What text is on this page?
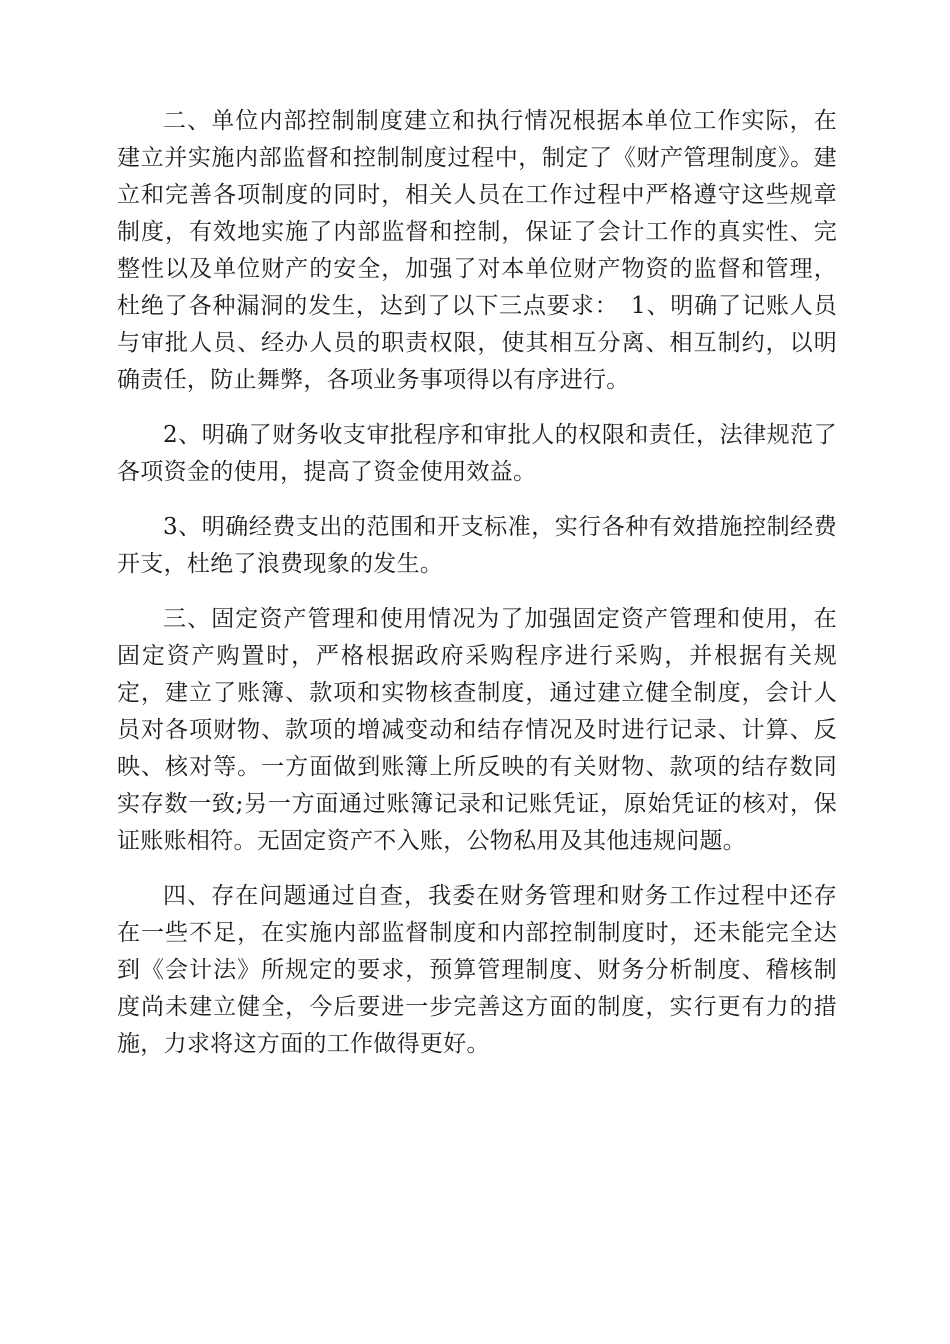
二、单位内部控制制度建立和执行情况根据本单位工作实际，在建立并实施内部监督和控制制度过程中，制定了《财产管理制度》。建立和完善各项制度的同时，相关人员在工作过程中严格遵守这些规章制度，有效地实施了内部监督和控制，保证了会计工作的真实性、完整性以及单位财产的安全，加强了对本单位财产物资的监督和管理，杜绝了各种漏洞的发生，达到了以下三点要求：　1、明确了记账人员与审批人员、经办人员的职责权限，使其相互分离、相互制约，以明确责任，防止舞弊，各项业务事项得以有序进行。

2、明确了财务收支审批程序和审批人的权限和责任，法律规范了各项资金的使用，提高了资金使用效益。

3、明确经费支出的范围和开支标准，实行各种有效措施控制经费开支，杜绝了浪费现象的发生。

三、固定资产管理和使用情况为了加强固定资产管理和使用，在固定资产购置时，严格根据政府采购程序进行采购，并根据有关规定，建立了账簿、款项和实物核查制度，通过建立健全制度，会计人员对各项财物、款项的增减变动和结存情况及时进行记录、计算、反映、核对等。一方面做到账簿上所反映的有关财物、款项的结存数同实存数一致;另一方面通过账簿记录和记账凭证，原始凭证的核对，保证账账相符。无固定资产不入账，公物私用及其他违规问题。

四、存在问题通过自查，我委在财务管理和财务工作过程中还存在一些不足，在实施内部监督制度和内部控制制度时，还未能完全达到《会计法》所规定的要求，预算管理制度、财务分析制度、稽核制度尚未建立健全，今后要进一步完善这方面的制度，实行更有力的措施，力求将这方面的工作做得更好。
